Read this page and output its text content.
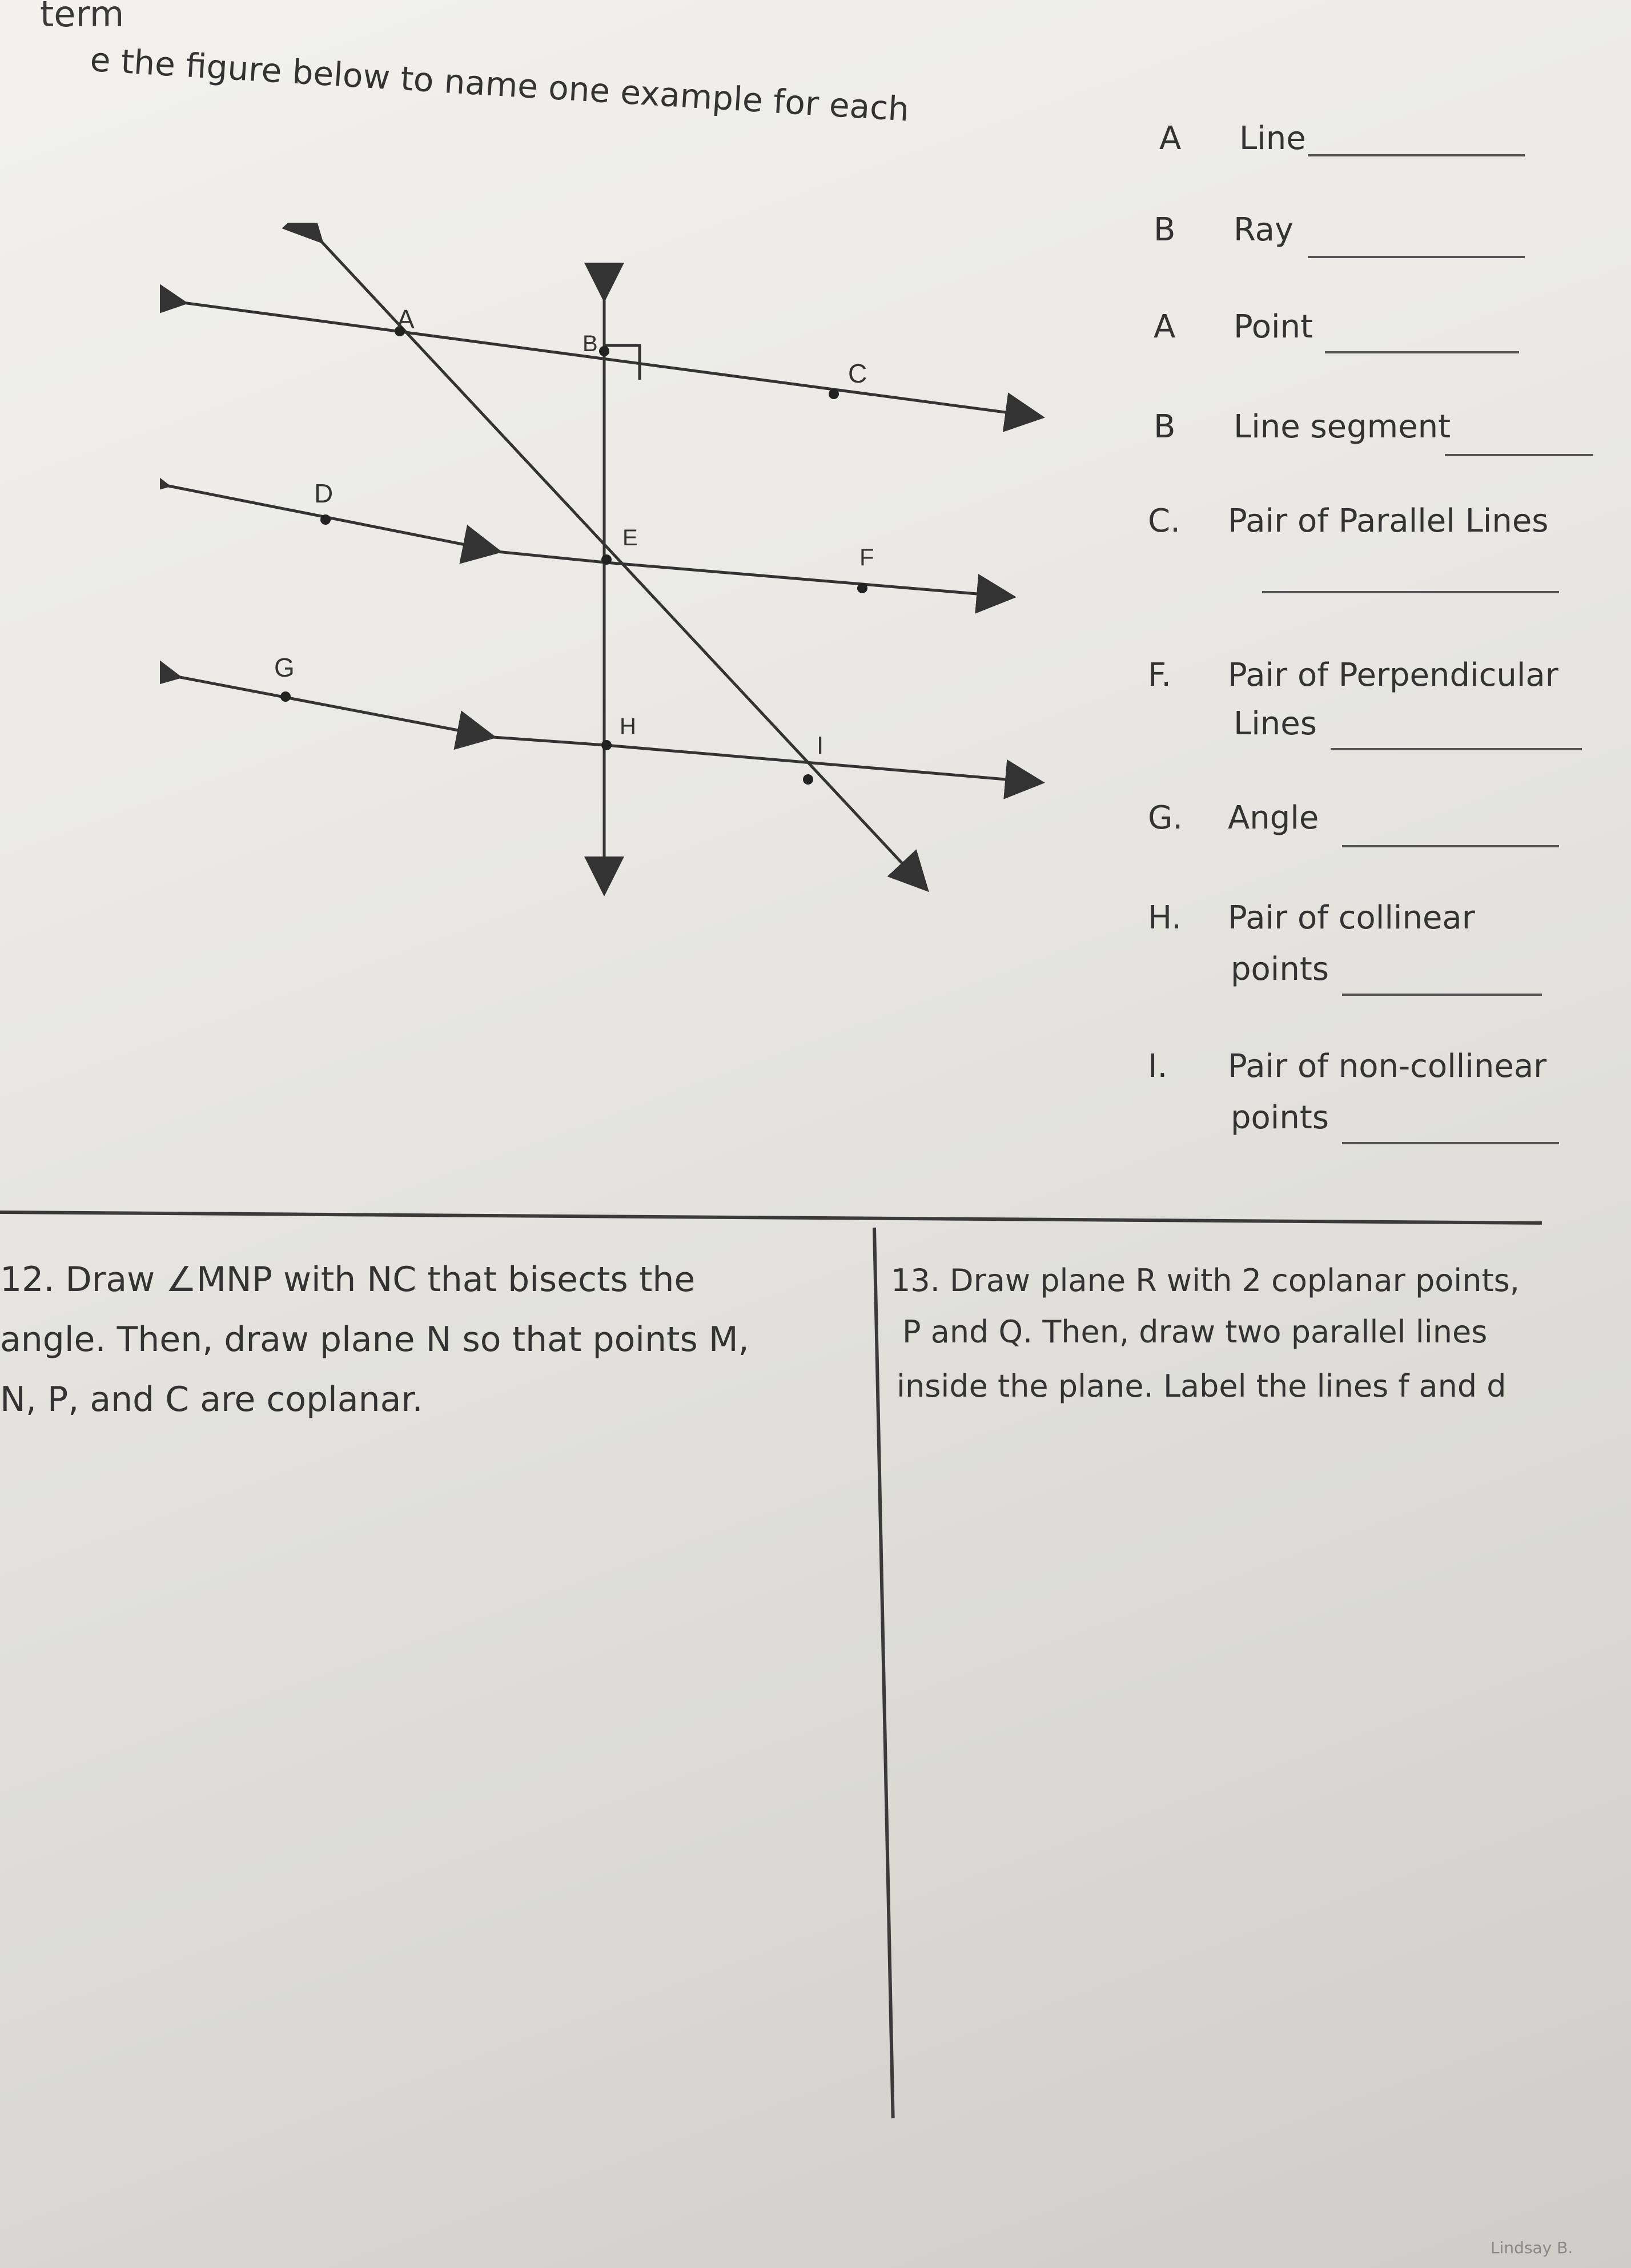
term
e the figure below to name one example for each
A
B
C
D
E
F
G
H
I
A Line
B Ray
A Point
B Line segment
C. Pair of Parallel Lines
F. Pair of Perpendicular
Lines
G. Angle
H. Pair of collinear
points
I. Pair of non-collinear
points
12. Draw ∠MNP with NC that bisects the
angle. Then, draw plane N so that points M,
N, P, and C are coplanar.
13. Draw plane R with 2 coplanar points,
P and Q. Then, draw two parallel lines
inside the plane. Label the lines f and d
Lindsay B.
